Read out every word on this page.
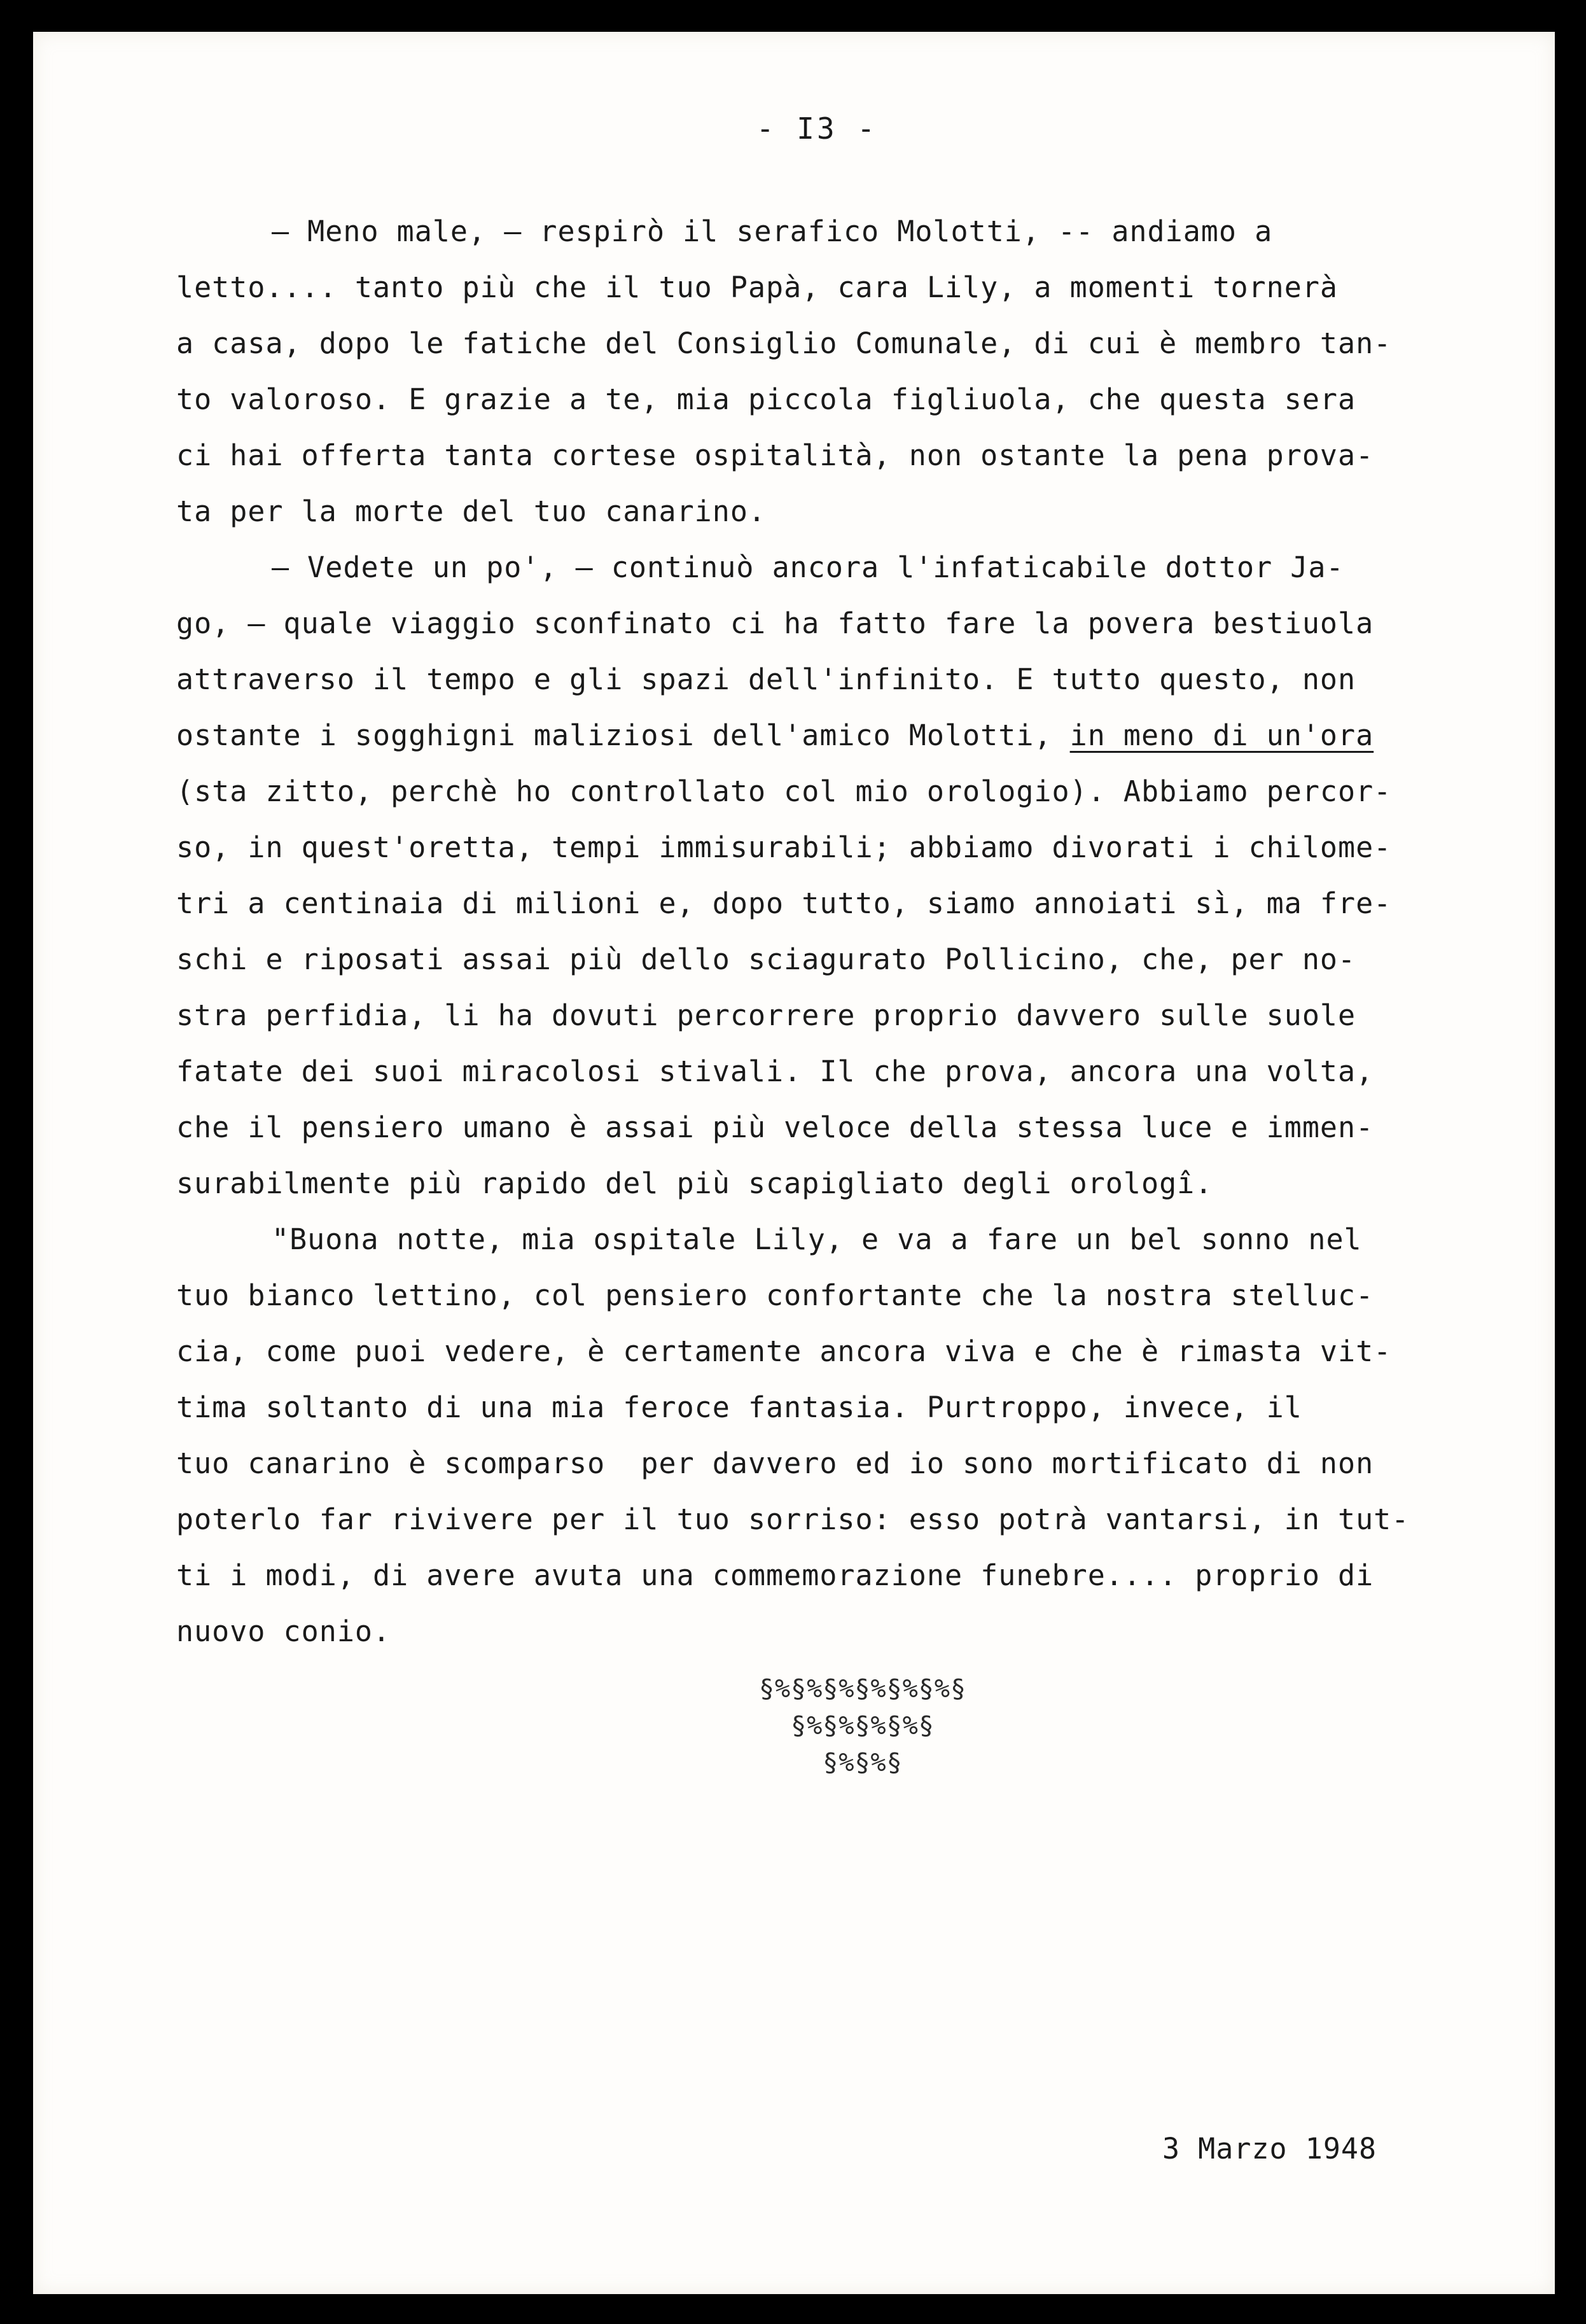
- I3 -
— Meno male, — respirò il serafico Molotti, -- andiamo a
letto.... tanto più che il tuo Papà, cara Lily, a momenti tornerà
a casa, dopo le fatiche del Consiglio Comunale, di cui è membro tan-
to valoroso. E grazie a te, mia piccola figliuola, che questa sera
ci hai offerta tanta cortese ospitalità, non ostante la pena prova-
ta per la morte del tuo canarino.
— Vedete un po', — continuò ancora l'infaticabile dottor Ja-
go, — quale viaggio sconfinato ci ha fatto fare la povera bestiuola
attraverso il tempo e gli spazi dell'infinito. E tutto questo, non
ostante i sogghigni maliziosi dell'amico Molotti, in meno di un'ora
(sta zitto, perchè ho controllato col mio orologio). Abbiamo percor-
so, in quest'oretta, tempi immisurabili; abbiamo divorati i chilome-
tri a centinaia di milioni e, dopo tutto, siamo annoiati sì, ma fre-
schi e riposati assai più dello sciagurato Pollicino, che, per no-
stra perfidia, li ha dovuti percorrere proprio davvero sulle suole
fatate dei suoi miracolosi stivali. Il che prova, ancora una volta,
che il pensiero umano è assai più veloce della stessa luce e immen-
surabilmente più rapido del più scapigliato degli orologî.
"Buona notte, mia ospitale Lily, e va a fare un bel sonno nel
tuo bianco lettino, col pensiero confortante che la nostra stelluc-
cia, come puoi vedere, è certamente ancora viva e che è rimasta vit-
tima soltanto di una mia feroce fantasia. Purtroppo, invece, il
tuo canarino è scomparso  per davvero ed io sono mortificato di non
poterlo far rivivere per il tuo sorriso: esso potrà vantarsi, in tut-
ti i modi, di avere avuta una commemorazione funebre.... proprio di
nuovo conio.
§%§%§%§%§%§%§
§%§%§%§%§
§%§%§
3 Marzo 1948
